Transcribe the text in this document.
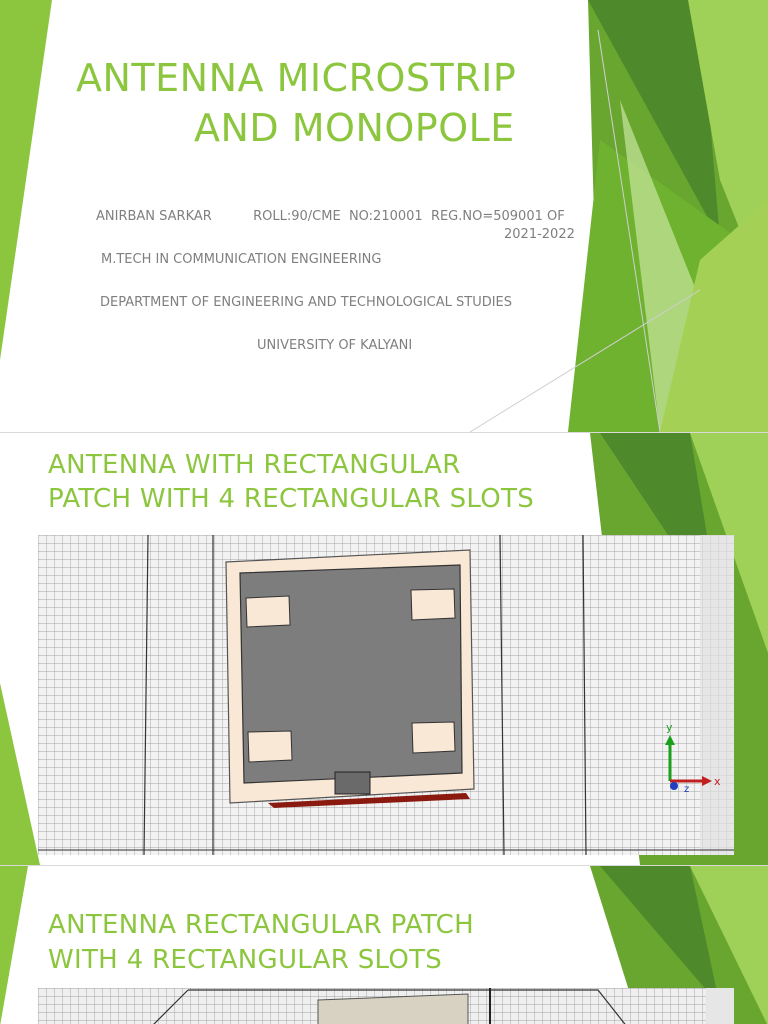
ANTENNA MICROSTRIP
AND MONOPOLE

ANIRBAN SARKAR          ROLL:90/CME  NO:210001  REG.NO=509001 OF

2021-2022

M.TECH IN COMMUNICATION ENGINEERING

DEPARTMENT OF ENGINEERING AND TECHNOLOGICAL STUDIES

UNIVERSITY OF KALYANI

ANTENNA WITH RECTANGULAR
PATCH WITH 4 RECTANGULAR SLOTS
y
x
z
ANTENNA RECTANGULAR PATCH
WITH 4 RECTANGULAR SLOTS
